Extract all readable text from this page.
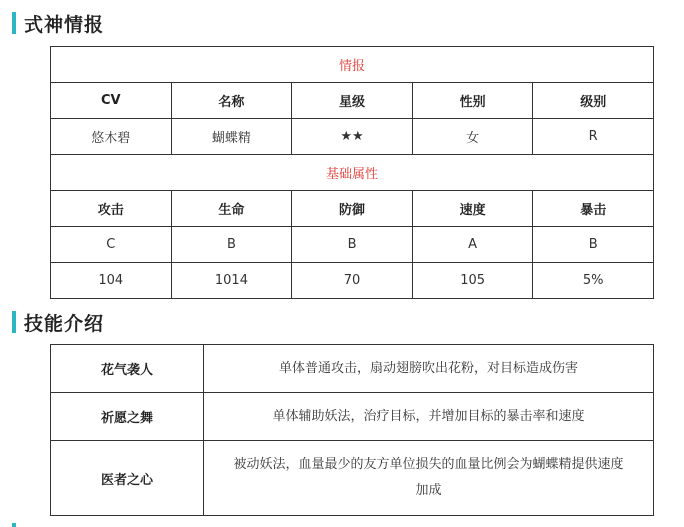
式神情报
情报				
CV	名称	星级	性别	级别
悠木碧	蝴蝶精	★★	女	R
基础属性				
攻击	生命	防御	速度	暴击
C	B	B	A	B
104	1014	70	105	5%
技能介绍
花气袭人	单体普通攻击，扇动翅膀吹出花粉，对目标造成伤害
祈愿之舞	单体辅助妖法，治疗目标，并增加目标的暴击率和速度
医者之心	被动妖法，血量最少的友方单位损失的血量比例会为蝴蝶精提供速度加成
